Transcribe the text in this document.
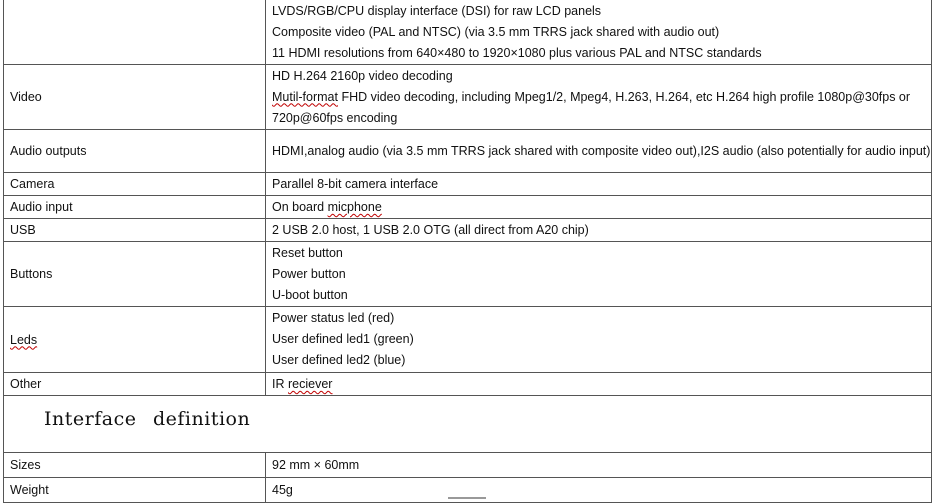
	LVDS/RGB/CPU display interface (DSI) for raw LCD panels
Composite video (PAL and NTSC) (via 3.5 mm TRRS jack shared with audio out)
11 HDMI resolutions from 640×480 to 1920×1080 plus various PAL and NTSC standards

Video	HD H.264 2160p video decoding
Mutil-format FHD video decoding, including Mpeg1/2, Mpeg4, H.263, H.264, etc H.264 high profile 1080p@30fps or 720p@60fps encoding

Audio outputs	HDMI,analog audio (via 3.5 mm TRRS jack shared with composite video out),I2S audio (also potentially for audio input)

Camera	Parallel 8-bit camera interface
Audio input	On board micphone
USB	2 USB 2.0 host, 1 USB 2.0 OTG (all direct from A20 chip)
Buttons	Reset button
Power button
U-boot button

Leds	Power status led (red)
User defined led1 (green)
User defined led2 (blue)

Other	IR reciever

Interface definition	

Sizes	92 mm × 60mm
Weight	45g
